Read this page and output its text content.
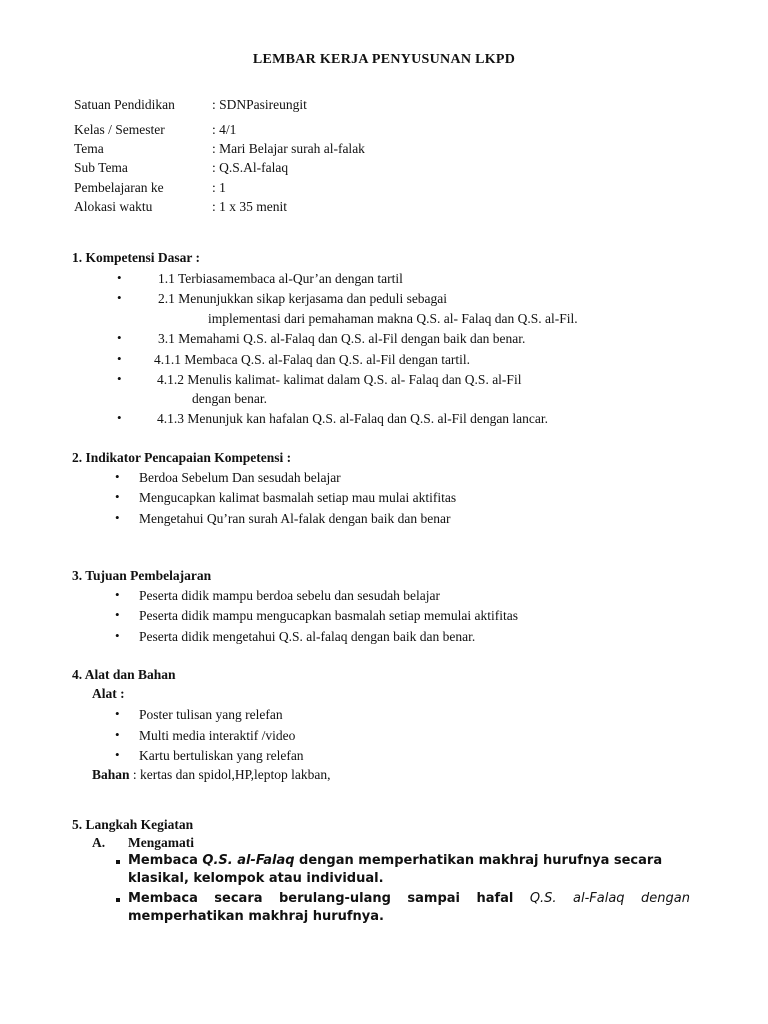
LEMBAR KERJA PENYUSUNAN LKPD
Satuan Pendidikan	: SDNPasireungit
Kelas / Semester	: 4/1
Tema	: Mari Belajar surah al-falak
Sub Tema	: Q.S.Al-falaq
Pembelajaran ke	: 1
Alokasi waktu	: 1 x 35 menit
1. Kompetensi Dasar :
•	1.1 Terbiasamembaca al-Qur’an dengan tartil
•	2.1 Menunjukkan sikap kerjasama dan peduli sebagai
implementasi dari pemahaman makna Q.S. al- Falaq dan Q.S. al-Fil.
•	3.1 Memahami Q.S. al-Falaq dan Q.S. al-Fil dengan baik dan benar.
• 4.1.1 Membaca Q.S. al-Falaq dan Q.S. al-Fil dengan tartil.
•	4.1.2 Menulis kalimat- kalimat dalam Q.S. al- Falaq dan Q.S. al-Fil
dengan benar.
•	4.1.3 Menunjuk kan hafalan Q.S. al-Falaq dan Q.S. al-Fil dengan lancar.
2. Indikator Pencapaian Kompetensi :
• Berdoa Sebelum Dan sesudah belajar
• Mengucapkan kalimat basmalah setiap mau mulai aktifitas
• Mengetahui Qu’ran surah Al-falak dengan baik dan benar
3. Tujuan Pembelajaran
• Peserta didik mampu berdoa sebelu dan sesudah belajar
• Peserta didik mampu mengucapkan basmalah setiap memulai aktifitas
• Peserta didik mengetahui Q.S. al-falaq dengan baik dan benar.
4. Alat dan Bahan
Alat :
• Poster tulisan yang relefan
• Multi media interaktif /video
• Kartu bertuliskan yang relefan
Bahan : kertas dan spidol,HP,leptop lakban,
5. Langkah Kegiatan
A. Mengamati
Membaca Q.S. al-Falaq dengan memperhatikan makhraj hurufnya secara
klasikal, kelompok atau individual.
Membaca secara berulang-ulang sampai hafal Q.S. al-Falaq dengan
memperhatikan makhraj hurufnya.
